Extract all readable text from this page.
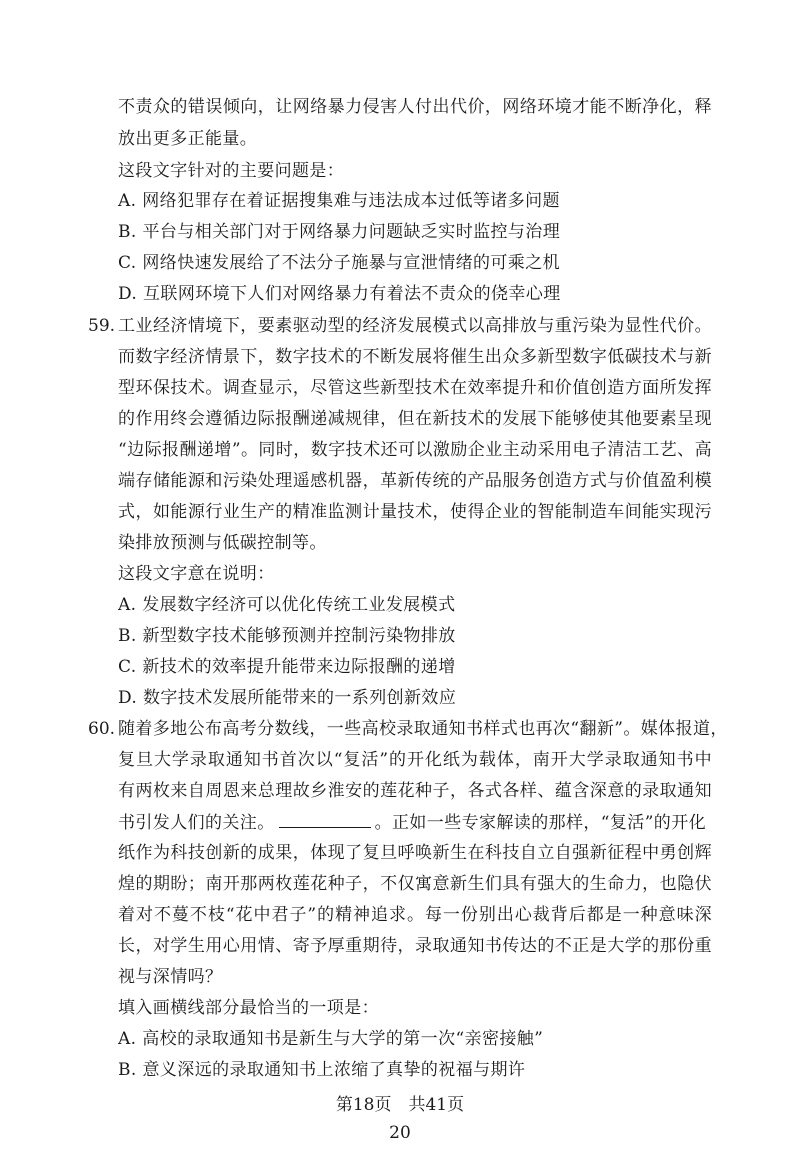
不责众的错误倾向，让网络暴力侵害人付出代价，网络环境才能不断净化，释
放出更多正能量。
这段文字针对的主要问题是：
A. 网络犯罪存在着证据搜集难与违法成本过低等诸多问题
B. 平台与相关部门对于网络暴力问题缺乏实时监控与治理
C. 网络快速发展给了不法分子施暴与宣泄情绪的可乘之机
D. 互联网环境下人们对网络暴力有着法不责众的侥幸心理
59. 工业经济情境下，要素驱动型的经济发展模式以高排放与重污染为显性代价。
而数字经济情景下，数字技术的不断发展将催生出众多新型数字低碳技术与新
型环保技术。调查显示，尽管这些新型技术在效率提升和价值创造方面所发挥
的作用终会遵循边际报酬递减规律，但在新技术的发展下能够使其他要素呈现
“边际报酬递增”。同时，数字技术还可以激励企业主动采用电子清洁工艺、高
端存储能源和污染处理遥感机器，革新传统的产品服务创造方式与价值盈利模
式，如能源行业生产的精准监测计量技术，使得企业的智能制造车间能实现污
染排放预测与低碳控制等。
这段文字意在说明：
A. 发展数字经济可以优化传统工业发展模式
B. 新型数字技术能够预测并控制污染物排放
C. 新技术的效率提升能带来边际报酬的递增
D. 数字技术发展所能带来的一系列创新效应
60. 随着多地公布高考分数线，一些高校录取通知书样式也再次“翻新”。媒体报道，
复旦大学录取通知书首次以“复活”的开化纸为载体，南开大学录取通知书中
有两枚来自周恩来总理故乡淮安的莲花种子，各式各样、蕴含深意的录取通知
书引发人们的关注。	。正如一些专家解读的那样，“复活”的开化
纸作为科技创新的成果，体现了复旦呼唤新生在科技自立自强新征程中勇创辉
煌的期盼；南开那两枚莲花种子，不仅寓意新生们具有强大的生命力，也隐伏
着对不蔓不枝“花中君子”的精神追求。每一份别出心裁背后都是一种意味深
长，对学生用心用情、寄予厚重期待，录取通知书传达的不正是大学的那份重
视与深情吗？
填入画横线部分最恰当的一项是：
A. 高校的录取通知书是新生与大学的第一次“亲密接触”
B. 意义深远的录取通知书上浓缩了真挚的祝福与期许
第18页　共41页
20
